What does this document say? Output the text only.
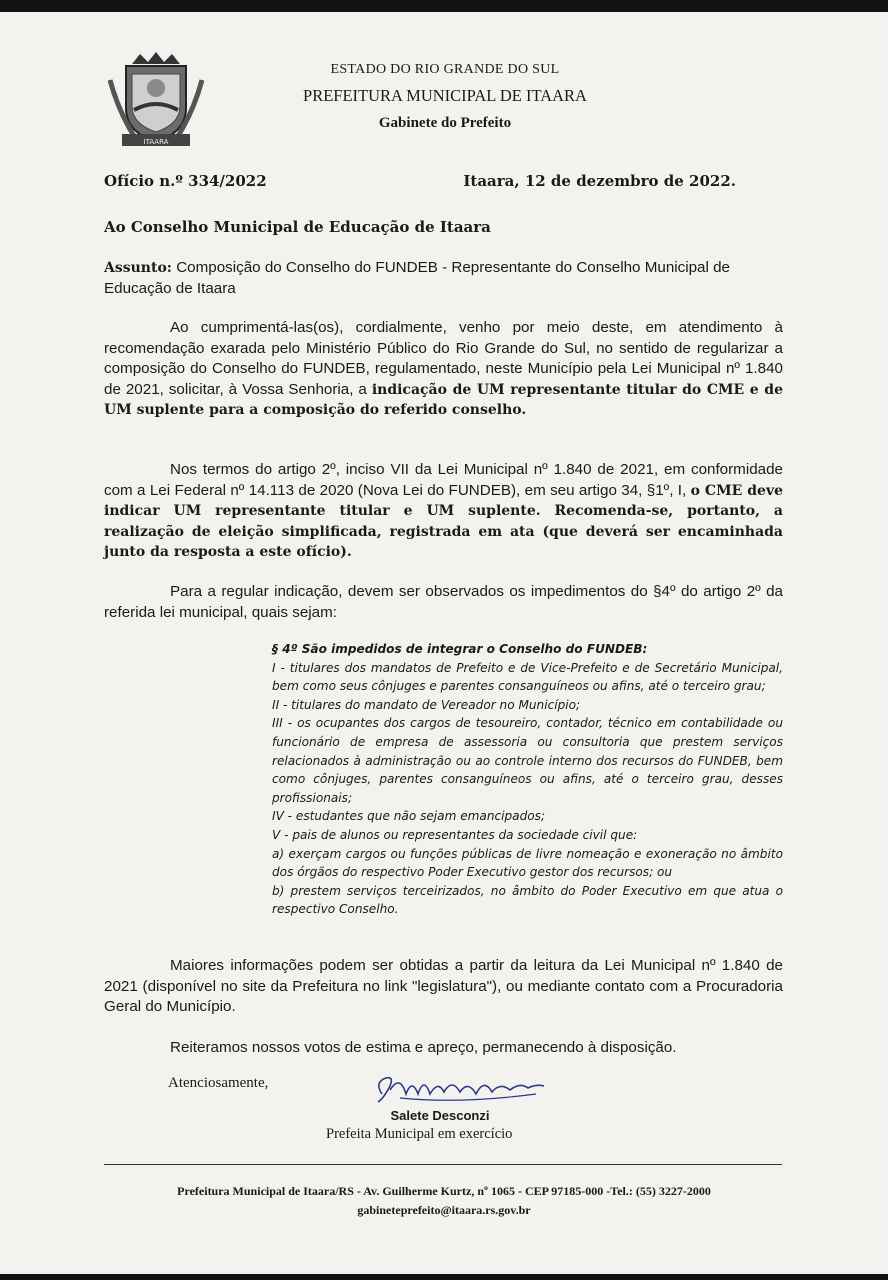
ITAARA
ESTADO DO RIO GRANDE DO SUL
PREFEITURA MUNICIPAL DE ITAARA
Gabinete do Prefeito
Ofício n.º 334/2022	Itaara, 12 de dezembro de 2022.
Ao Conselho Municipal de Educação de Itaara
Assunto: Composição do Conselho do FUNDEB - Representante do Conselho Municipal de Educação de Itaara
Ao cumprimentá-las(os), cordialmente, venho por meio deste, em atendimento à recomendação exarada pelo Ministério Público do Rio Grande do Sul, no sentido de regularizar a composição do Conselho do FUNDEB, regulamentado, neste Município pela Lei Municipal nº 1.840 de 2021, solicitar, à Vossa Senhoria, a indicação de UM representante titular do CME e de UM suplente para a composição do referido conselho.
Nos termos do artigo 2º, inciso VII da Lei Municipal nº 1.840 de 2021, em conformidade com a Lei Federal nº 14.113 de 2020 (Nova Lei do FUNDEB), em seu artigo 34, §1º, I, o CME deve indicar UM representante titular e UM suplente. Recomenda-se, portanto, a realização de eleição simplificada, registrada em ata (que deverá ser encaminhada junto da resposta a este ofício).
Para a regular indicação, devem ser observados os impedimentos do §4º do artigo 2º da referida lei municipal, quais sejam:
§ 4º São impedidos de integrar o Conselho do FUNDEB:
I - titulares dos mandatos de Prefeito e de Vice-Prefeito e de Secretário Municipal, bem como seus cônjuges e parentes consanguíneos ou afins, até o terceiro grau;
II - titulares do mandato de Vereador no Município;
III - os ocupantes dos cargos de tesoureiro, contador, técnico em contabilidade ou funcionário de empresa de assessoria ou consultoria que prestem serviços relacionados à administração ou ao controle interno dos recursos do FUNDEB, bem como cônjuges, parentes consanguíneos ou afins, até o terceiro grau, desses profissionais;
IV - estudantes que não sejam emancipados;
V - pais de alunos ou representantes da sociedade civil que:
a) exerçam cargos ou funções públicas de livre nomeação e exoneração no âmbito dos órgãos do respectivo Poder Executivo gestor dos recursos; ou
b) prestem serviços terceirizados, no âmbito do Poder Executivo em que atua o respectivo Conselho.
Maiores informações podem ser obtidas a partir da leitura da Lei Municipal nº 1.840 de 2021 (disponível no site da Prefeitura no link "legislatura"), ou mediante contato com a Procuradoria Geral do Município.
Reiteramos nossos votos de estima e apreço, permanecendo à disposição.
Atenciosamente,
Salete Desconzi
Prefeita Municipal em exercício
Prefeitura Municipal de Itaara/RS - Av. Guilherme Kurtz, nº 1065 - CEP 97185-000 -Tel.: (55) 3227-2000
gabineteprefeito@itaara.rs.gov.br
